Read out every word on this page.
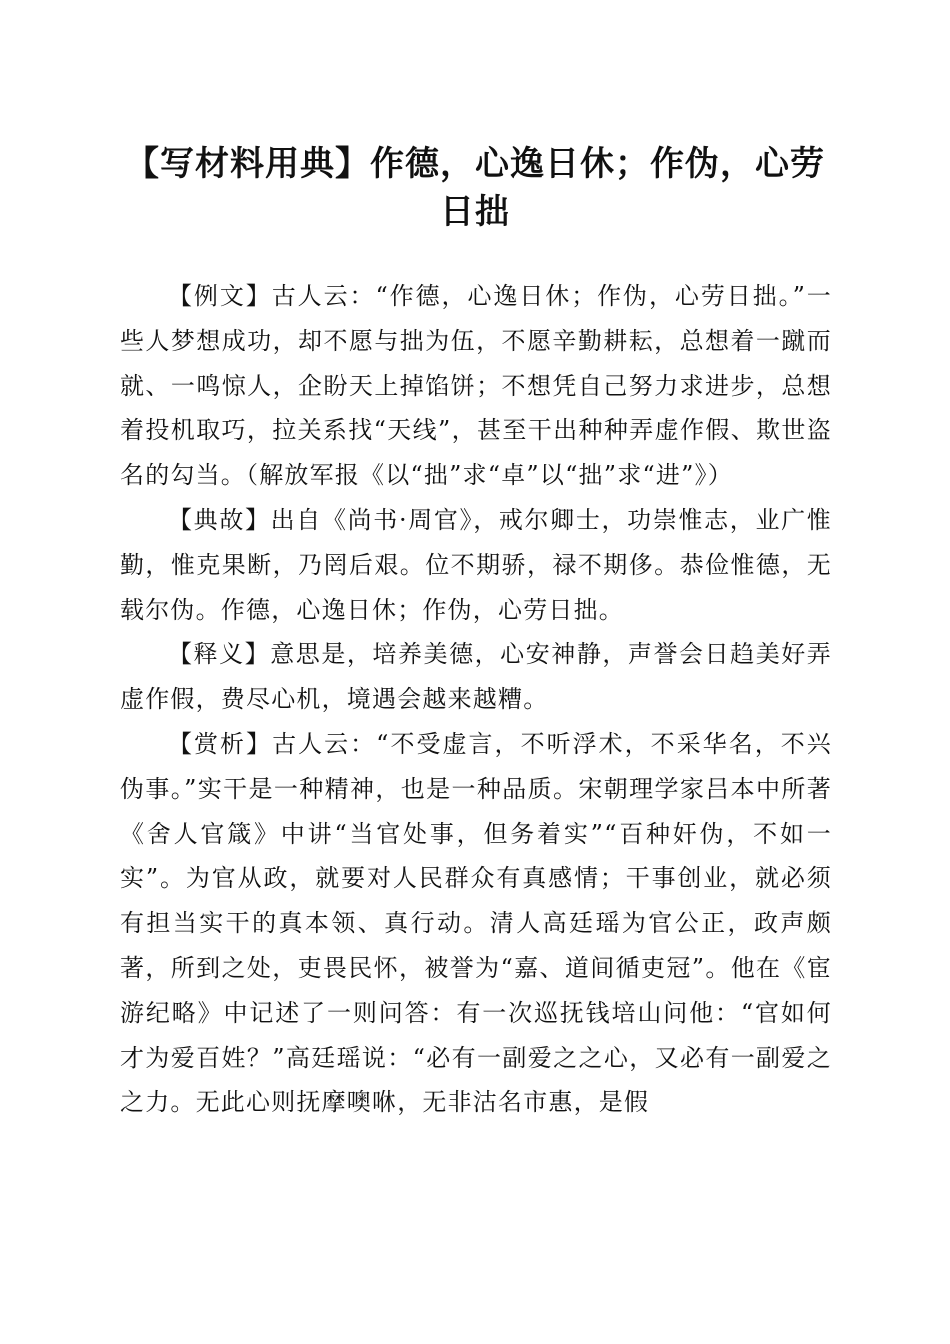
【写材料用典】作德，心逸日休；作伪，心劳日拙

【例文】古人云：“作德，心逸日休；作伪，心劳日拙。”一些人梦想成功，却不愿与拙为伍，不愿辛勤耕耘，总想着一蹴而就、一鸣惊人，企盼天上掉馅饼；不想凭自己努力求进步，总想着投机取巧，拉关系找“天线”，甚至干出种种弄虚作假、欺世盗名的勾当。（解放军报《以“拙”求“卓”以“拙”求“进”》）

【典故】出自《尚书·周官》，戒尔卿士，功崇惟志，业广惟勤，惟克果断，乃罔后艰。位不期骄，禄不期侈。恭俭惟德，无载尔伪。作德，心逸日休；作伪，心劳日拙。

【释义】意思是，培养美德，心安神静，声誉会日趋美好弄虚作假，费尽心机，境遇会越来越糟。

【赏析】古人云：“不受虚言，不听浮术，不采华名，不兴伪事。”实干是一种精神，也是一种品质。宋朝理学家吕本中所著《舍人官箴》中讲“当官处事，但务着实”“百种奸伪，不如一实”。为官从政，就要对人民群众有真感情；干事创业，就必须有担当实干的真本领、真行动。清人高廷瑶为官公正，政声颇著，所到之处，吏畏民怀，被誉为“嘉、道间循吏冠”。他在《宦游纪略》中记述了一则问答：有一次巡抚钱培山问他：“官如何才为爱百姓？”高廷瑶说：“必有一副爱之之心，又必有一副爱之之力。无此心则抚摩噢咻，无非沽名市惠，是假
